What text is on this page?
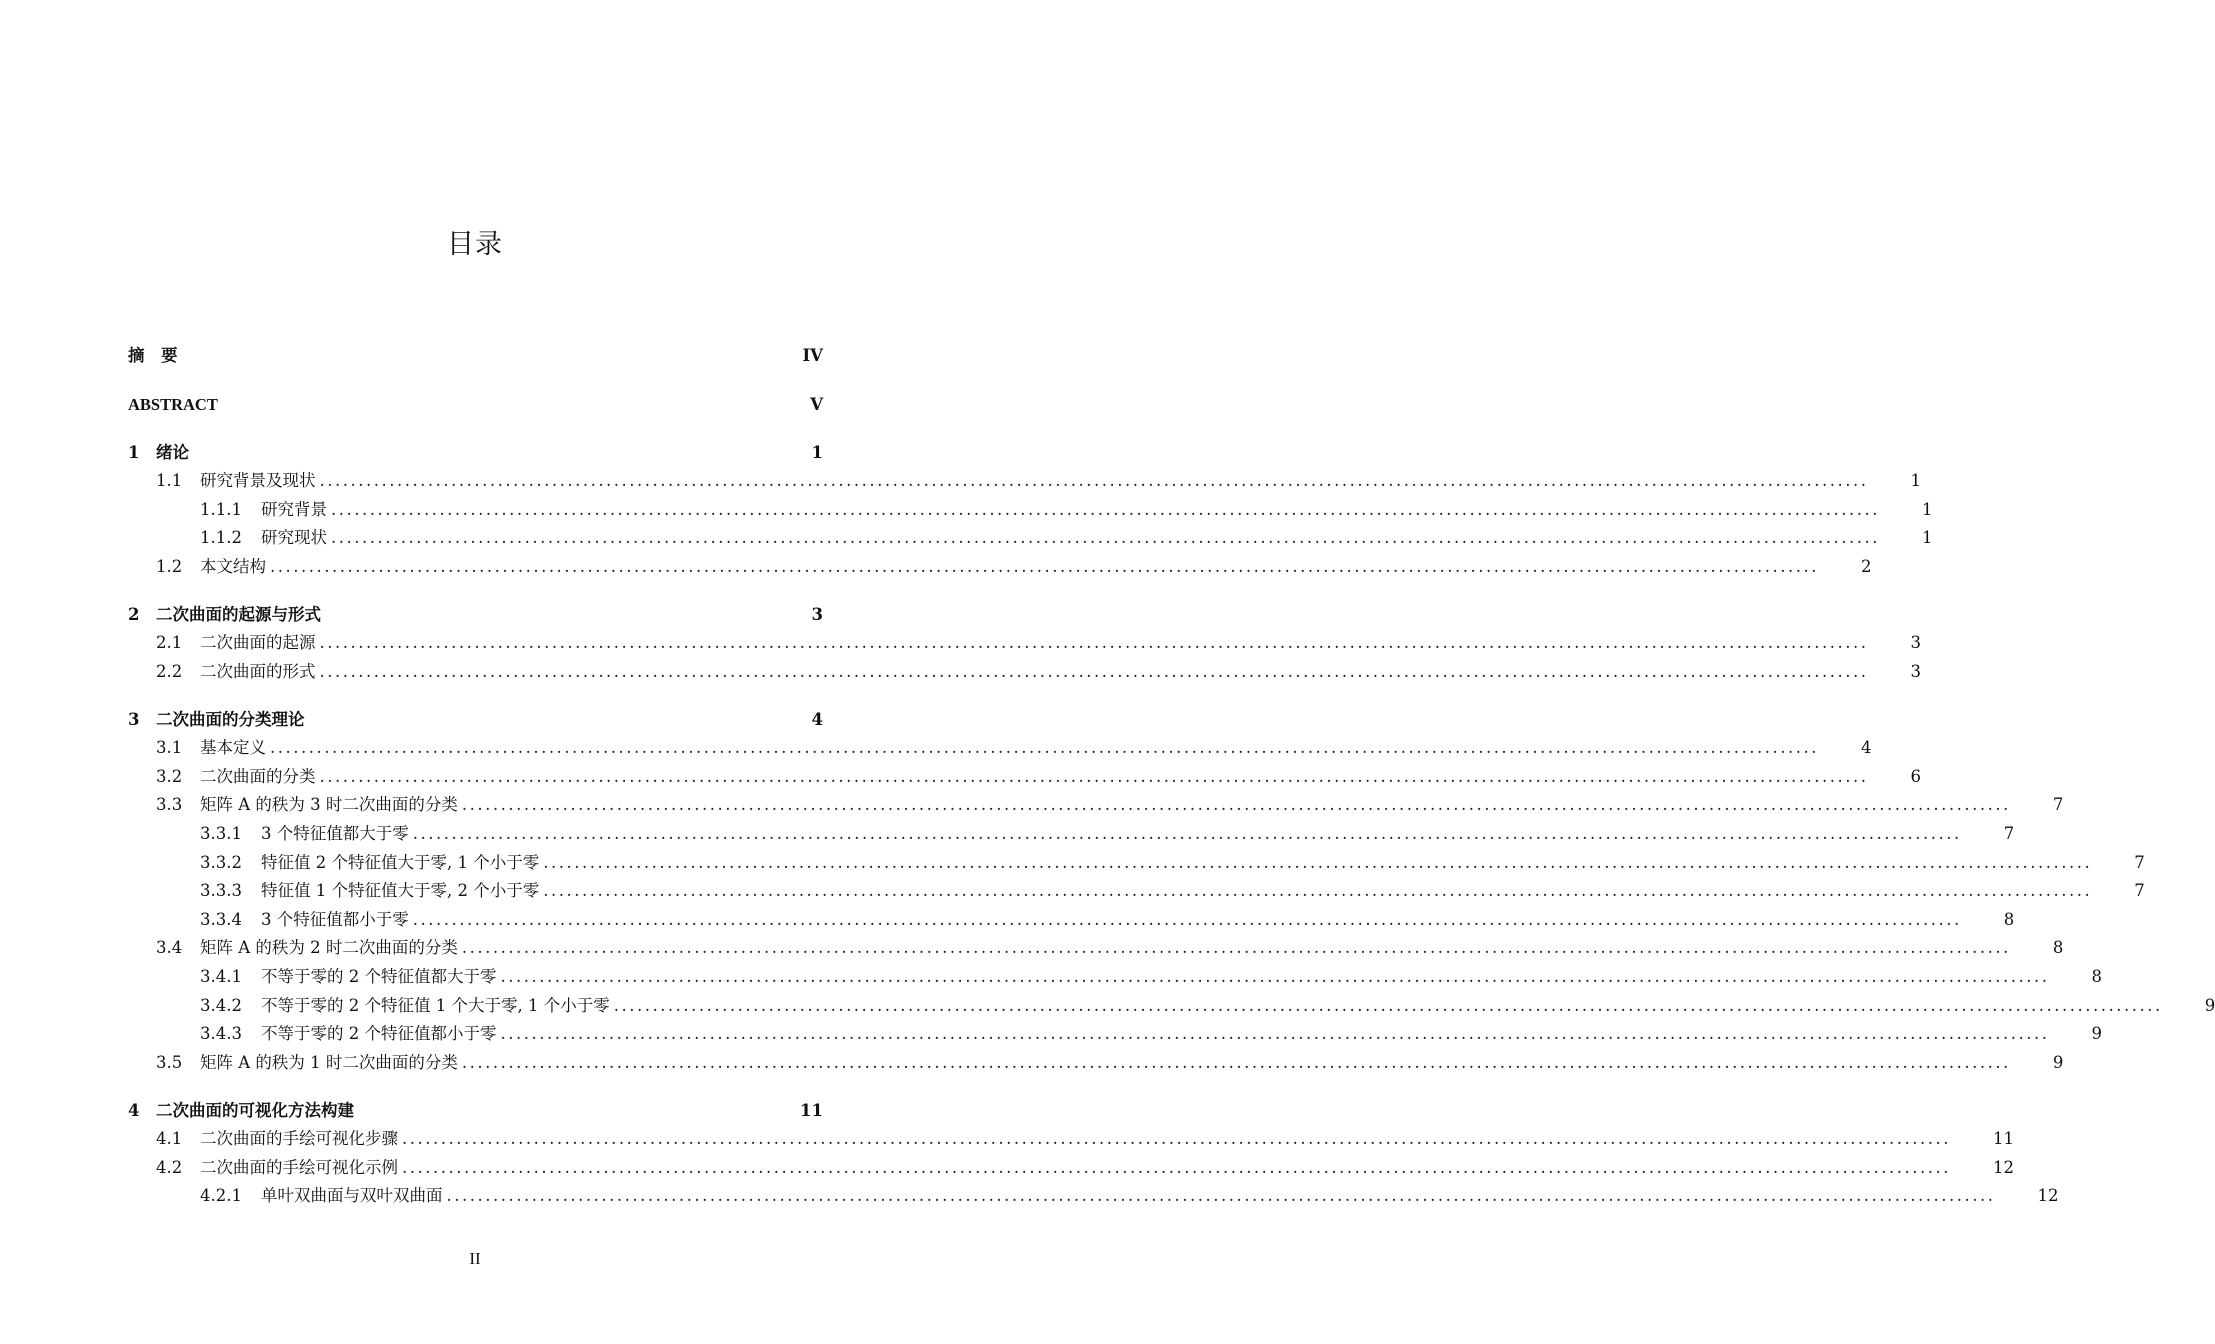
目录
摘　要	IV
ABSTRACT	V
1	绪论	1
1.1	研究背景及现状 ........................................................................................................................................................................................................	1
1.1.1	研究背景 ........................................................................................................................................................................................................	1
1.1.2	研究现状 ........................................................................................................................................................................................................	1
1.2	本文结构 ........................................................................................................................................................................................................	2
2	二次曲面的起源与形式	3
2.1	二次曲面的起源 ........................................................................................................................................................................................................	3
2.2	二次曲面的形式 ........................................................................................................................................................................................................	3
3	二次曲面的分类理论	4
3.1	基本定义 ........................................................................................................................................................................................................	4
3.2	二次曲面的分类 ........................................................................................................................................................................................................	6
3.3	矩阵 A 的秩为 3 时二次曲面的分类 ........................................................................................................................................................................................................	7
3.3.1	3 个特征值都大于零 ........................................................................................................................................................................................................	7
3.3.2	特征值 2 个特征值大于零, 1 个小于零 ........................................................................................................................................................................................................	7
3.3.3	特征值 1 个特征值大于零, 2 个小于零 ........................................................................................................................................................................................................	7
3.3.4	3 个特征值都小于零 ........................................................................................................................................................................................................	8
3.4	矩阵 A 的秩为 2 时二次曲面的分类 ........................................................................................................................................................................................................	8
3.4.1	不等于零的 2 个特征值都大于零 ........................................................................................................................................................................................................	8
3.4.2	不等于零的 2 个特征值 1 个大于零, 1 个小于零 ........................................................................................................................................................................................................	9
3.4.3	不等于零的 2 个特征值都小于零 ........................................................................................................................................................................................................	9
3.5	矩阵 A 的秩为 1 时二次曲面的分类 ........................................................................................................................................................................................................	9
4	二次曲面的可视化方法构建	11
4.1	二次曲面的手绘可视化步骤 ........................................................................................................................................................................................................	11
4.2	二次曲面的手绘可视化示例 ........................................................................................................................................................................................................	12
4.2.1	单叶双曲面与双叶双曲面 ........................................................................................................................................................................................................	12
II
